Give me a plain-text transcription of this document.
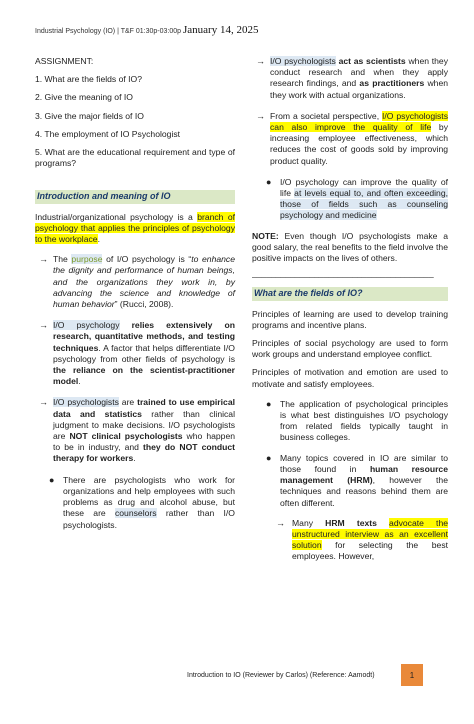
Industrial Psychology (IO) | T&F 01:30p-03:00p January 14, 2025

ASSIGNMENT:

1. What are the fields of IO?

2. Give the meaning of IO

3. Give the major fields of IO

4. The employment of IO Psychologist

5. What are the educational requirement and type of programs?

Introduction and meaning of IO

Industrial/organizational psychology is a branch of psychology that applies the principles of psychology to the workplace.

→ The purpose of I/O psychology is “to enhance the dignity and performance of human beings, and the organizations they work in, by advancing the science and knowledge of human behavior” (Rucci, 2008).

→ I/O psychology relies extensively on research, quantitative methods, and testing techniques. A factor that helps differentiate I/O psychology from other fields of psychology is the reliance on the scientist-practitioner model.

→ I/O psychologists are trained to use empirical data and statistics rather than clinical judgment to make decisions. I/O psychologists are NOT clinical psychologists who happen to be in industry, and they do NOT conduct therapy for workers.

● There are psychologists who work for organizations and help employees with such problems as drug and alcohol abuse, but these are counselors rather than I/O psychologists.

→ I/O psychologists act as scientists when they conduct research and when they apply research findings, and as practitioners when they work with actual organizations.

→ From a societal perspective, I/O psychologists can also improve the quality of life by increasing employee effectiveness, which reduces the cost of goods sold by improving product quality.

● I/O psychology can improve the quality of life at levels equal to, and often exceeding, those of fields such as counseling psychology and medicine

NOTE: Even though I/O psychologists make a good salary, the real benefits to the field involve the positive impacts on the lives of others.

______________________________________

What are the fields of IO?

Principles of learning are used to develop training programs and incentive plans.

Principles of social psychology are used to form work groups and understand employee conflict.

Principles of motivation and emotion are used to motivate and satisfy employees.

● The application of psychological principles is what best distinguishes I/O psychology from related fields typically taught in business colleges.

● Many topics covered in IO are similar to those found in human resource management (HRM), however the techniques and reasons behind them are often different.

→ Many HRM texts advocate the unstructured interview as an excellent solution for selecting the best employees. However,

Introduction to IO (Reviewer by Carlos) (Reference: Aamodt)	1
